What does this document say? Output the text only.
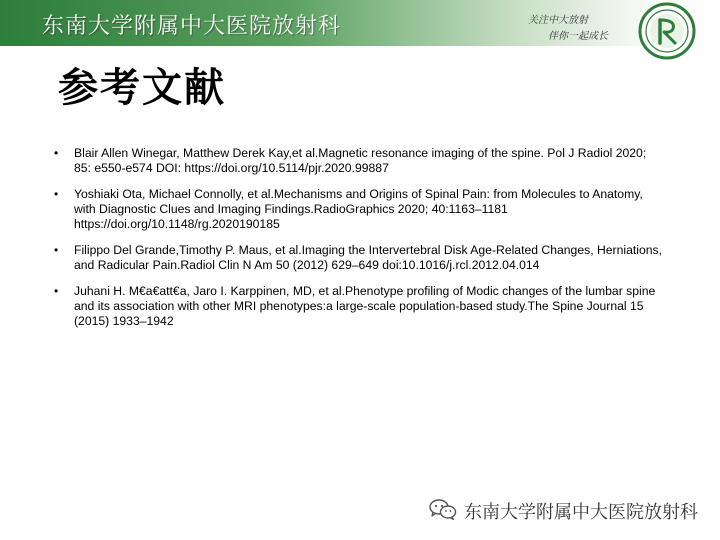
东南大学附属中大医院放射科	关注中大放射
伴你一起成长
参考文献
• Blair Allen Winegar, Matthew Derek Kay,et al.Magnetic resonance imaging of the spine. Pol J Radiol 2020; 85: e550-e574 DOI: https://doi.org/10.5114/pjr.2020.99887
• Yoshiaki Ota, Michael Connolly, et al.Mechanisms and Origins of Spinal Pain: from Molecules to Anatomy, with Diagnostic Clues and Imaging Findings.RadioGraphics 2020; 40:1163–1181 https://doi.org/10.1148/rg.2020190185
• Filippo Del Grande,Timothy P. Maus, et al.Imaging the Intervertebral Disk Age-Related Changes, Herniations, and Radicular Pain.Radiol Clin N Am 50 (2012) 629–649 doi:10.1016/j.rcl.2012.04.014
• Juhani H. M€a€att€a, Jaro I. Karppinen, MD, et al.Phenotype profiling of Modic changes of the lumbar spine and its association with other MRI phenotypes:a large-scale population-based study.The Spine Journal 15 (2015) 1933–1942
东南大学附属中大医院放射科
